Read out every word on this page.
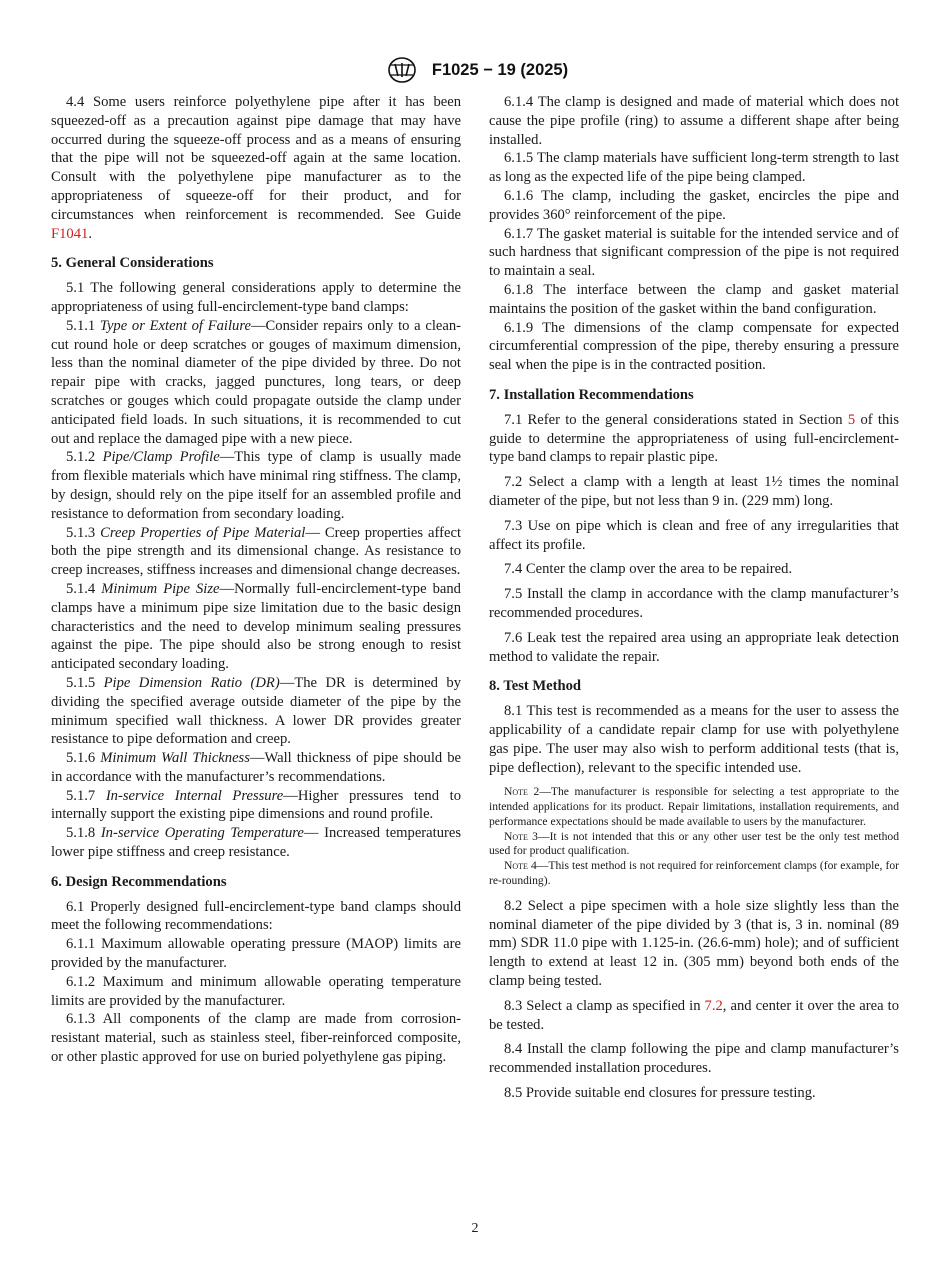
F1025 − 19 (2025)

4.4 Some users reinforce polyethylene pipe after it has been squeezed-off as a precaution against pipe damage that may have occurred during the squeeze-off process and as a means of ensuring that the pipe will not be squeezed-off again at the same location. Consult with the polyethylene pipe manufacturer as to the appropriateness of squeeze-off for their product, and for circumstances when reinforcement is recommended. See Guide F1041.

5. General Considerations

5.1 The following general considerations apply to determine the appropriateness of using full-encirclement-type band clamps:

5.1.1 Type or Extent of Failure—Consider repairs only to a clean-cut round hole or deep scratches or gouges of maximum dimension, less than the nominal diameter of the pipe divided by three. Do not repair pipe with cracks, jagged punctures, long tears, or deep scratches or gouges which could propagate outside the clamp under anticipated field loads. In such situations, it is recommended to cut out and replace the damaged pipe with a new piece.

5.1.2 Pipe/Clamp Profile—This type of clamp is usually made from flexible materials which have minimal ring stiffness. The clamp, by design, should rely on the pipe itself for an assembled profile and resistance to deformation from secondary loading.

5.1.3 Creep Properties of Pipe Material— Creep properties affect both the pipe strength and its dimensional change. As resistance to creep increases, stiffness increases and dimensional change decreases.

5.1.4 Minimum Pipe Size—Normally full-encirclement-type band clamps have a minimum pipe size limitation due to the basic design characteristics and the need to develop minimum sealing pressures against the pipe. The pipe should also be strong enough to resist anticipated secondary loading.

5.1.5 Pipe Dimension Ratio (DR)—The DR is determined by dividing the specified average outside diameter of the pipe by the minimum specified wall thickness. A lower DR provides greater resistance to pipe deformation and creep.

5.1.6 Minimum Wall Thickness—Wall thickness of pipe should be in accordance with the manufacturer’s recommendations.

5.1.7 In-service Internal Pressure—Higher pressures tend to internally support the existing pipe dimensions and round profile.

5.1.8 In-service Operating Temperature— Increased temperatures lower pipe stiffness and creep resistance.

6. Design Recommendations

6.1 Properly designed full-encirclement-type band clamps should meet the following recommendations:

6.1.1 Maximum allowable operating pressure (MAOP) limits are provided by the manufacturer.

6.1.2 Maximum and minimum allowable operating temperature limits are provided by the manufacturer.

6.1.3 All components of the clamp are made from corrosion-resistant material, such as stainless steel, fiber-reinforced composite, or other plastic approved for use on buried polyethylene gas piping.

6.1.4 The clamp is designed and made of material which does not cause the pipe profile (ring) to assume a different shape after being installed.

6.1.5 The clamp materials have sufficient long-term strength to last as long as the expected life of the pipe being clamped.

6.1.6 The clamp, including the gasket, encircles the pipe and provides 360° reinforcement of the pipe.

6.1.7 The gasket material is suitable for the intended service and of such hardness that significant compression of the pipe is not required to maintain a seal.

6.1.8 The interface between the clamp and gasket material maintains the position of the gasket within the band configuration.

6.1.9 The dimensions of the clamp compensate for expected circumferential compression of the pipe, thereby ensuring a pressure seal when the pipe is in the contracted position.

7. Installation Recommendations

7.1 Refer to the general considerations stated in Section 5 of this guide to determine the appropriateness of using full-encirclement-type band clamps to repair plastic pipe.

7.2 Select a clamp with a length at least 1½ times the nominal diameter of the pipe, but not less than 9 in. (229 mm) long.

7.3 Use on pipe which is clean and free of any irregularities that affect its profile.

7.4 Center the clamp over the area to be repaired.

7.5 Install the clamp in accordance with the clamp manufacturer’s recommended procedures.

7.6 Leak test the repaired area using an appropriate leak detection method to validate the repair.

8. Test Method

8.1 This test is recommended as a means for the user to assess the applicability of a candidate repair clamp for use with polyethylene gas pipe. The user may also wish to perform additional tests (that is, pipe deflection), relevant to the specific intended use.

Note 2—The manufacturer is responsible for selecting a test appropriate to the intended applications for its product. Repair limitations, installation requirements, and performance expectations should be made available to users by the manufacturer.

Note 3—It is not intended that this or any other user test be the only test method used for product qualification.

Note 4—This test method is not required for reinforcement clamps (for example, for re-rounding).

8.2 Select a pipe specimen with a hole size slightly less than the nominal diameter of the pipe divided by 3 (that is, 3 in. nominal (89 mm) SDR 11.0 pipe with 1.125-in. (26.6-mm) hole); and of sufficient length to extend at least 12 in. (305 mm) beyond both ends of the clamp being tested.

8.3 Select a clamp as specified in 7.2, and center it over the area to be tested.

8.4 Install the clamp following the pipe and clamp manufacturer’s recommended installation procedures.

8.5 Provide suitable end closures for pressure testing.

2
